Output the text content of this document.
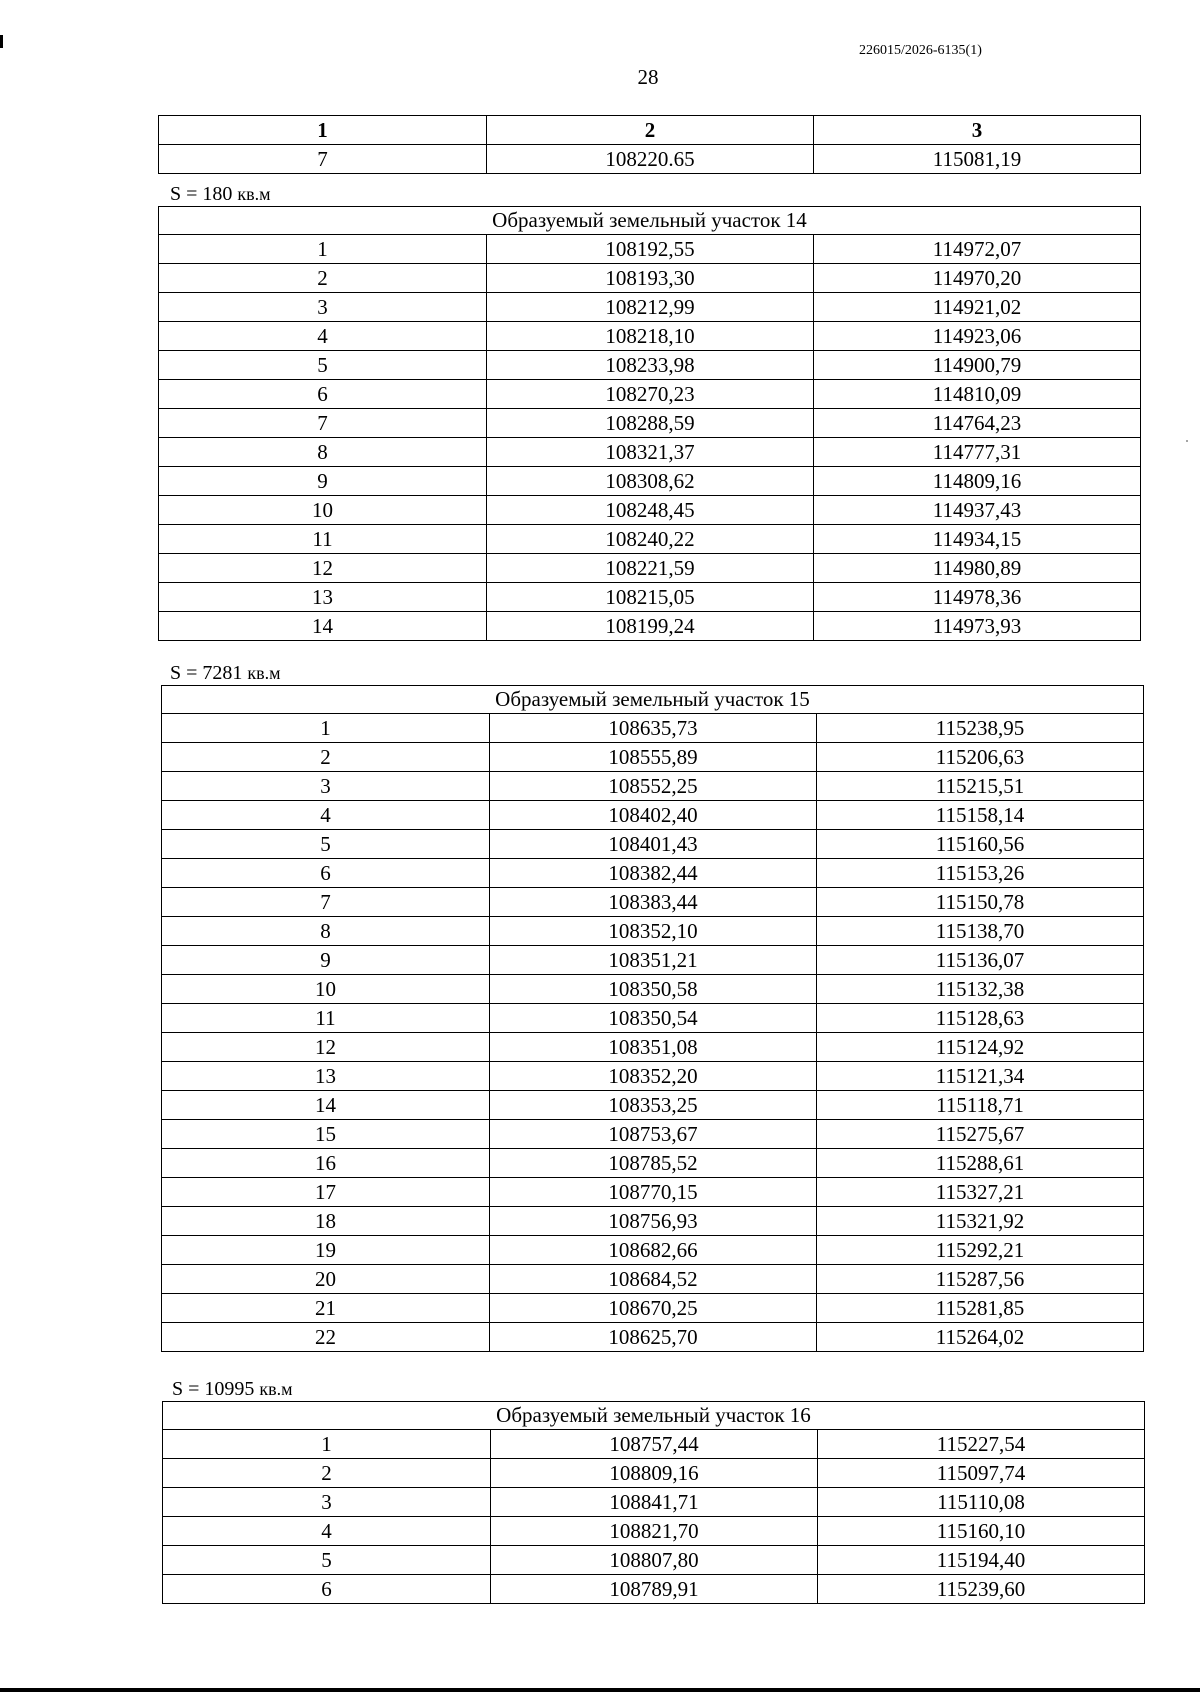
226015/2026-6135(1)
28
1	2	3
7	108220.65	115081,19
S = 180 кв.м
Образуемый земельный участок 14		
1	108192,55	114972,07
2	108193,30	114970,20
3	108212,99	114921,02
4	108218,10	114923,06
5	108233,98	114900,79
6	108270,23	114810,09
7	108288,59	114764,23
8	108321,37	114777,31
9	108308,62	114809,16
10	108248,45	114937,43
11	108240,22	114934,15
12	108221,59	114980,89
13	108215,05	114978,36
14	108199,24	114973,93
S = 7281 кв.м
Образуемый земельный участок 15		
1	108635,73	115238,95
2	108555,89	115206,63
3	108552,25	115215,51
4	108402,40	115158,14
5	108401,43	115160,56
6	108382,44	115153,26
7	108383,44	115150,78
8	108352,10	115138,70
9	108351,21	115136,07
10	108350,58	115132,38
11	108350,54	115128,63
12	108351,08	115124,92
13	108352,20	115121,34
14	108353,25	115118,71
15	108753,67	115275,67
16	108785,52	115288,61
17	108770,15	115327,21
18	108756,93	115321,92
19	108682,66	115292,21
20	108684,52	115287,56
21	108670,25	115281,85
22	108625,70	115264,02
S = 10995 кв.м
Образуемый земельный участок 16		
1	108757,44	115227,54
2	108809,16	115097,74
3	108841,71	115110,08
4	108821,70	115160,10
5	108807,80	115194,40
6	108789,91	115239,60
